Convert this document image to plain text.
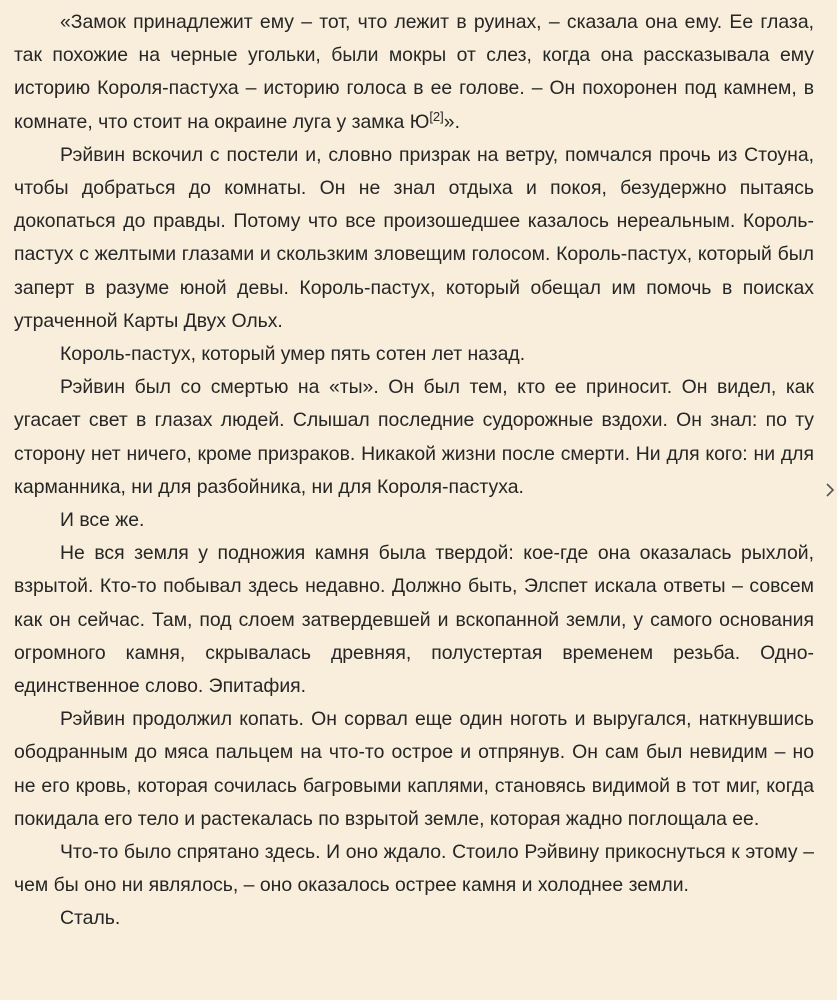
«Замок принадлежит ему – тот, что лежит в руинах, – сказала она ему. Ее глаза, так похожие на черные угольки, были мокры от слез, когда она рассказывала ему историю Короля-пастуха – историю голоса в ее голове. – Он похоронен под камнем, в комнате, что стоит на окраине луга у замка Ю[2]».

Рэйвин вскочил с постели и, словно призрак на ветру, помчался прочь из Стоуна, чтобы добраться до комнаты. Он не знал отдыха и покоя, безудержно пытаясь докопаться до правды. Потому что все произошедшее казалось нереальным. Король-пастух с желтыми глазами и скользким зловещим голосом. Король-пастух, который был заперт в разуме юной девы. Король-пастух, который обещал им помочь в поисках утраченной Карты Двух Ольх.

Король-пастух, который умер пять сотен лет назад.

Рэйвин был со смертью на «ты». Он был тем, кто ее приносит. Он видел, как угасает свет в глазах людей. Слышал последние судорожные вздохи. Он знал: по ту сторону нет ничего, кроме призраков. Никакой жизни после смерти. Ни для кого: ни для карманника, ни для разбойника, ни для Короля-пастуха.

И все же.

Не вся земля у подножия камня была твердой: кое-где она оказалась рыхлой, взрытой. Кто-то побывал здесь недавно. Должно быть, Элспет искала ответы – совсем как он сейчас. Там, под слоем затвердевшей и вскопанной земли, у самого основания огромного камня, скрывалась древняя, полустертая временем резьба. Одно-единственное слово. Эпитафия.

Рэйвин продолжил копать. Он сорвал еще один ноготь и выругался, наткнувшись ободранным до мяса пальцем на что-то острое и отпрянув. Он сам был невидим – но не его кровь, которая сочилась багровыми каплями, становясь видимой в тот миг, когда покидала его тело и растекалась по взрытой земле, которая жадно поглощала ее.

Что-то было спрятано здесь. И оно ждало. Стоило Рэйвину прикоснуться к этому – чем бы оно ни являлось, – оно оказалось острее камня и холоднее земли.

Сталь.
